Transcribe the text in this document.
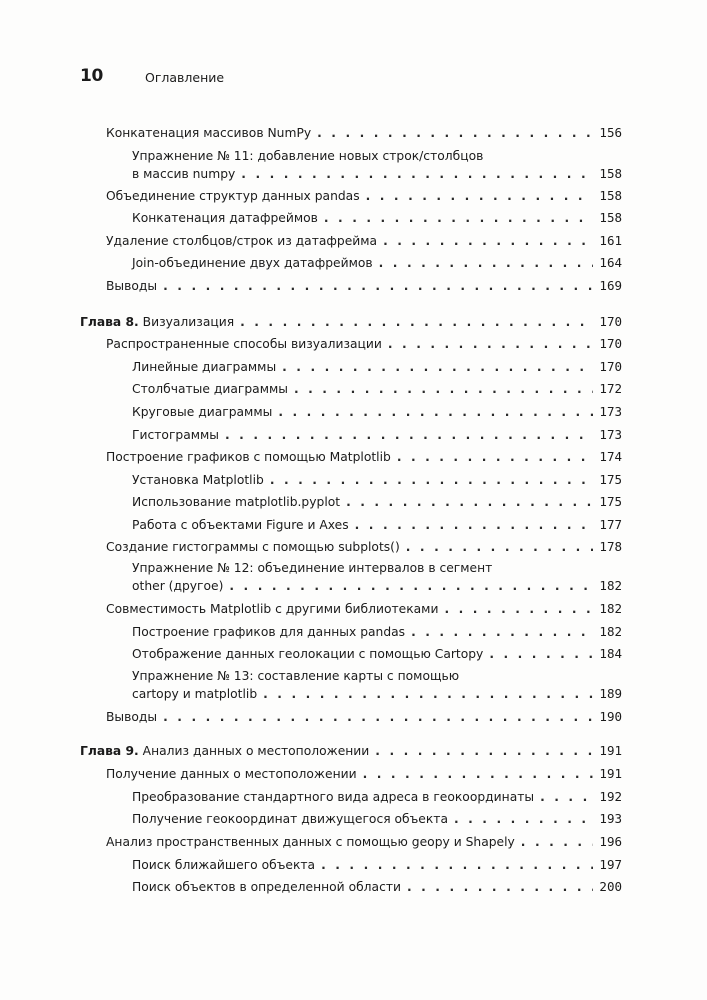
10	Оглавление
Конкатенация массивов NumPy . . .	156
Упражнение № 11: добавление новых строк/столбцов
в массив numpy . . .	158
Объединение структур данных pandas . . .	158
Конкатенация датафреймов . . .	158
Удаление столбцов/строк из датафрейма . . .	161
Join-объединение двух датафреймов . . .	164
Выводы . . .	169
Глава 8. Визуализация . . .	170
Распространенные способы визуализации . . .	170
Линейные диаграммы . . .	170
Столбчатые диаграммы . . .	172
Круговые диаграммы . . .	173
Гистограммы . . .	173
Построение графиков с помощью Matplotlib . . .	174
Установка Matplotlib . . .	175
Использование matplotlib.pyplot . . .	175
Работа с объектами Figure и Axes . . .	177
Создание гистограммы с помощью subplots() . . .	178
Упражнение № 12: объединение интервалов в сегмент
other (другое) . . .	182
Совместимость Matplotlib с другими библиотеками . . .	182
Построение графиков для данных pandas . . .	182
Отображение данных геолокации с помощью Cartopy . . .	184
Упражнение № 13: составление карты с помощью
cartopy и matplotlib . . .	189
Выводы . . .	190
Глава 9. Анализ данных о местоположении . . .	191
Получение данных о местоположении . . .	191
Преобразование стандартного вида адреса в геокоординаты . . .	192
Получение геокоординат движущегося объекта . . .	193
Анализ пространственных данных с помощью geopy и Shapely . . .	196
Поиск ближайшего объекта . . .	197
Поиск объектов в определенной области . . .	200
